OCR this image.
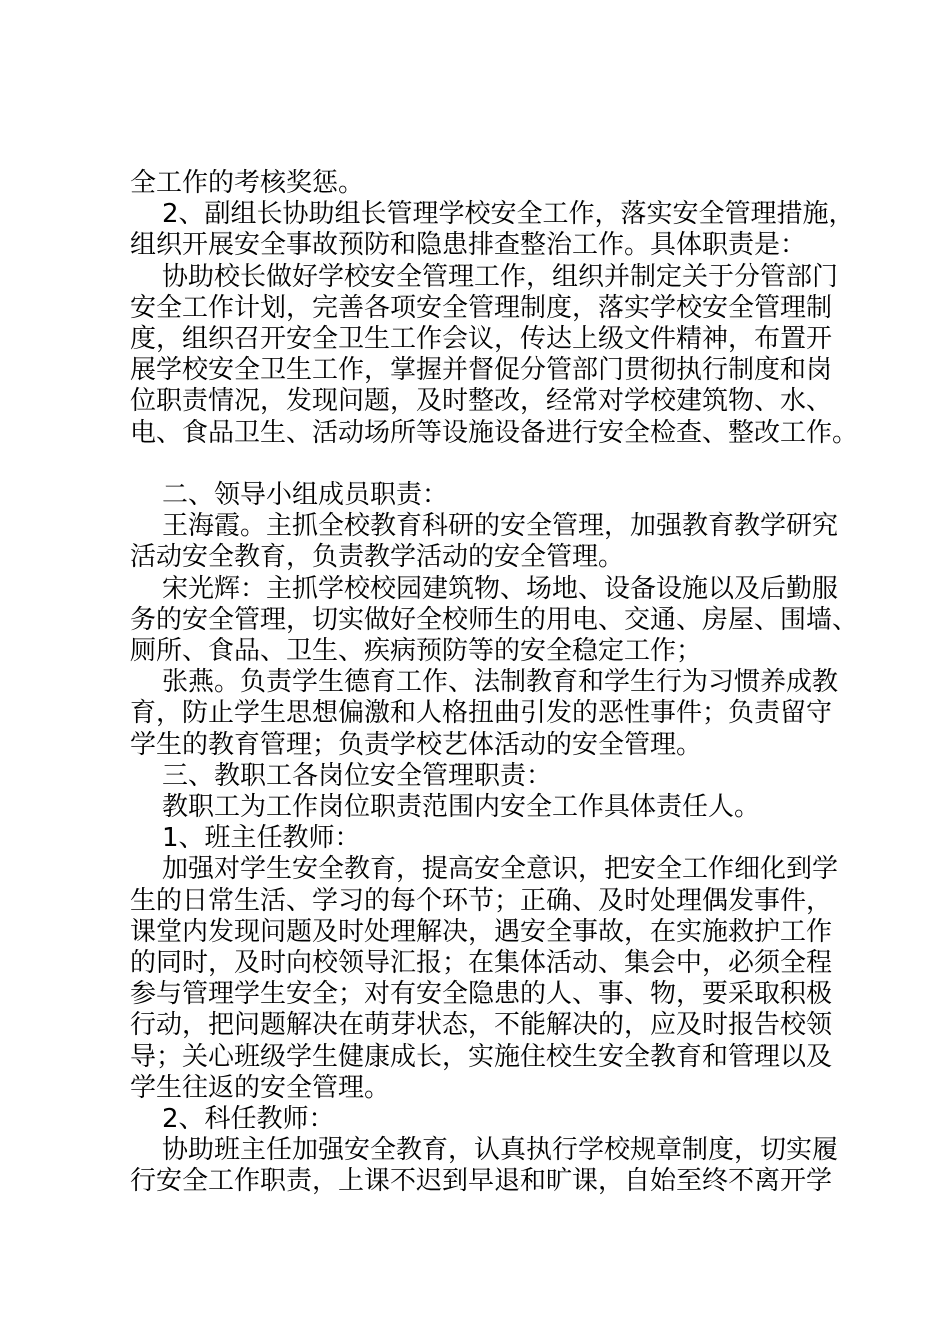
全工作的考核奖惩。

2、副组长协助组长管理学校安全工作，落实安全管理措施，

组织开展安全事故预防和隐患排查整治工作。具体职责是：

协助校长做好学校安全管理工作，组织并制定关于分管部门

安全工作计划，完善各项安全管理制度，落实学校安全管理制

度，组织召开安全卫生工作会议，传达上级文件精神，布置开

展学校安全卫生工作，掌握并督促分管部门贯彻执行制度和岗

位职责情况，发现问题，及时整改，经常对学校建筑物、水、

电、食品卫生、活动场所等设施设备进行安全检查、整改工作。

二、领导小组成员职责：

王海霞。主抓全校教育科研的安全管理，加强教育教学研究

活动安全教育，负责教学活动的安全管理。

宋光辉：主抓学校校园建筑物、场地、设备设施以及后勤服

务的安全管理，切实做好全校师生的用电、交通、房屋、围墙、

厕所、食品、卫生、疾病预防等的安全稳定工作；

张燕。负责学生德育工作、法制教育和学生行为习惯养成教

育，防止学生思想偏激和人格扭曲引发的恶性事件；负责留守

学生的教育管理；负责学校艺体活动的安全管理。

三、教职工各岗位安全管理职责：

教职工为工作岗位职责范围内安全工作具体责任人。

1、班主任教师：

加强对学生安全教育，提高安全意识，把安全工作细化到学

生的日常生活、学习的每个环节；正确、及时处理偶发事件，

课堂内发现问题及时处理解决，遇安全事故，在实施救护工作

的同时，及时向校领导汇报；在集体活动、集会中，必须全程

参与管理学生安全；对有安全隐患的人、事、物，要采取积极

行动，把问题解决在萌芽状态，不能解决的，应及时报告校领

导；关心班级学生健康成长，实施住校生安全教育和管理以及

学生往返的安全管理。

2、科任教师：

协助班主任加强安全教育，认真执行学校规章制度，切实履

行安全工作职责，上课不迟到早退和旷课，自始至终不离开学
